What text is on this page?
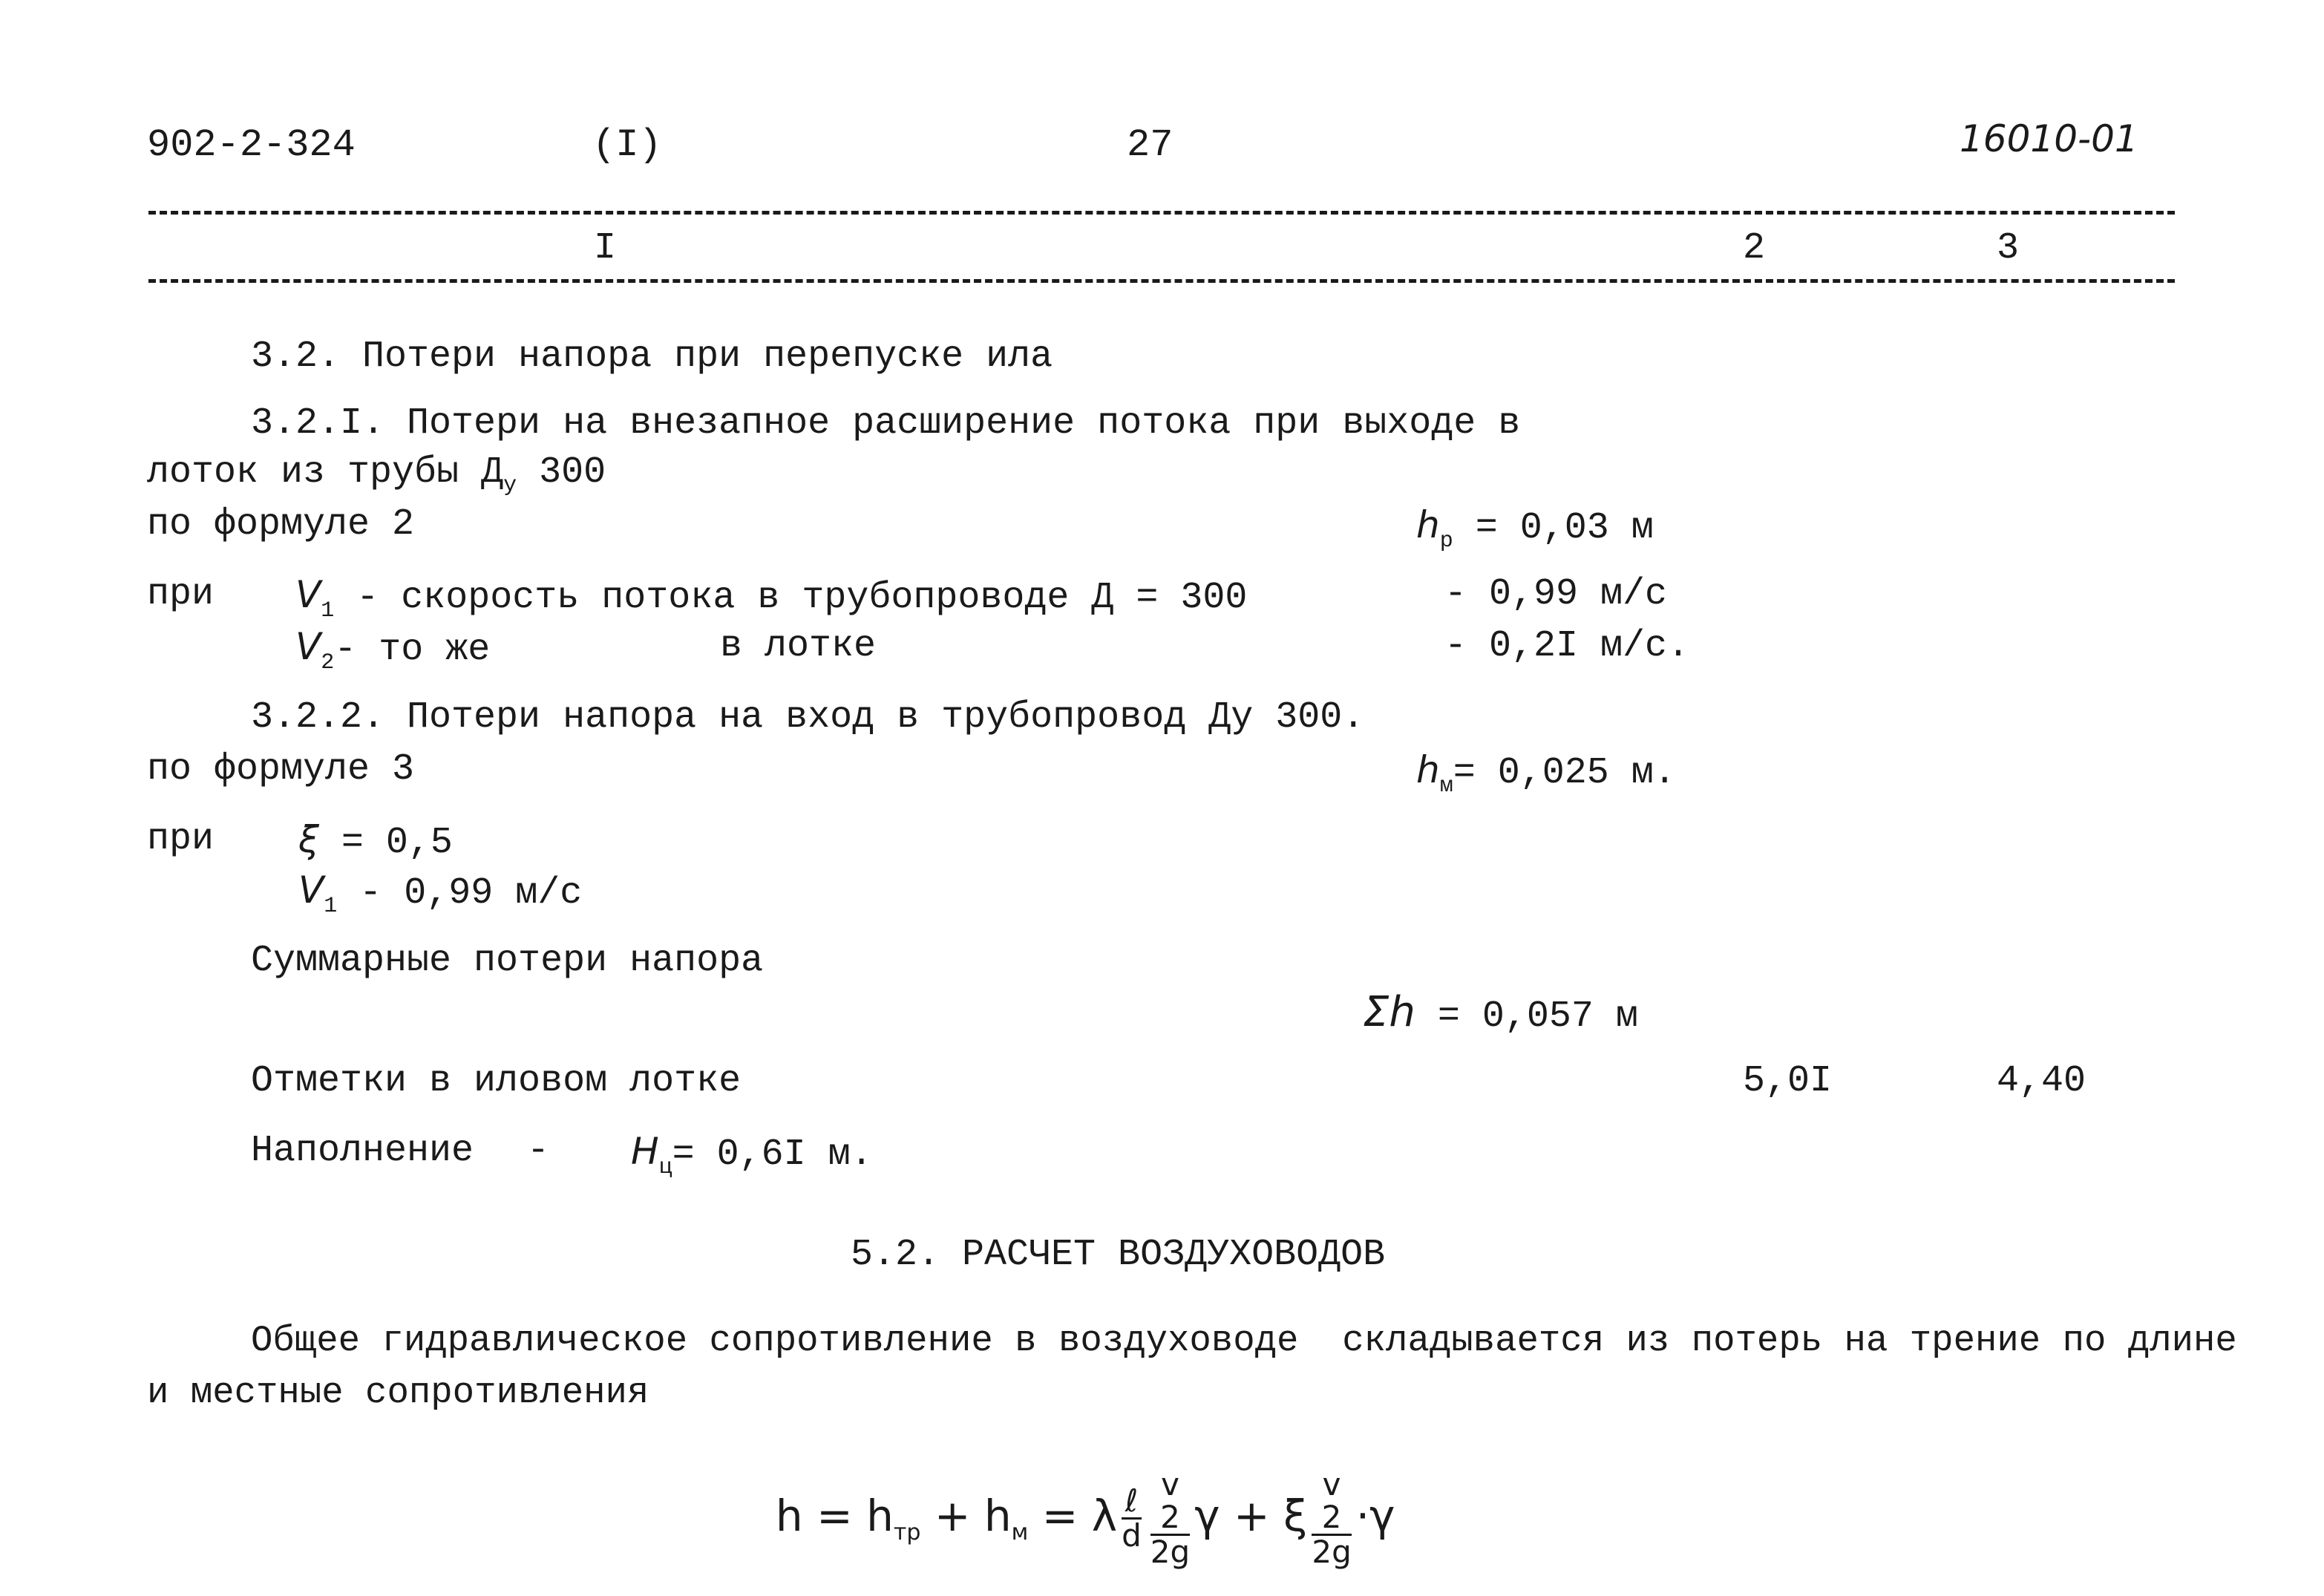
902-2-324	(I)	27	16010-01
I	2	3
3.2. Потери напора при перепуске ила
3.2.I. Потери на внезапное расширение потока при выходе в
лоток из трубы $Д_у$ 300
по формуле 2	$h_р = 0,03$ м
при $V_1$ - скорость потока в трубопроводе Д = 300	- 0,99 м/с
$V_2-$ то же	в лотке	- 0,2I м/с.
3.2.2. Потери напора на вход в трубопровод Ду 300.
по формуле 3	$h_м= 0,025$ м.
при ξ = 0,5
$V_1 - 0,99$ м/с
Суммарные потери напора
Σh = 0,057 м
Отметки в иловом лотке	5,0I	4,40
Наполнение - $H_ц= 0,6I$ м.
5.2. РАСЧЕТ ВОЗДУХОВОДОВ
Общее гидравлическое сопротивление в воздуховоде  складывается из потерь на трение по длине
и местные сопротивления

$h = h_{тр} + h_м = \lambda \frac{\text{ℓ}}{d}$ v
2
2g γ + ξ v
2
2g ·γ
